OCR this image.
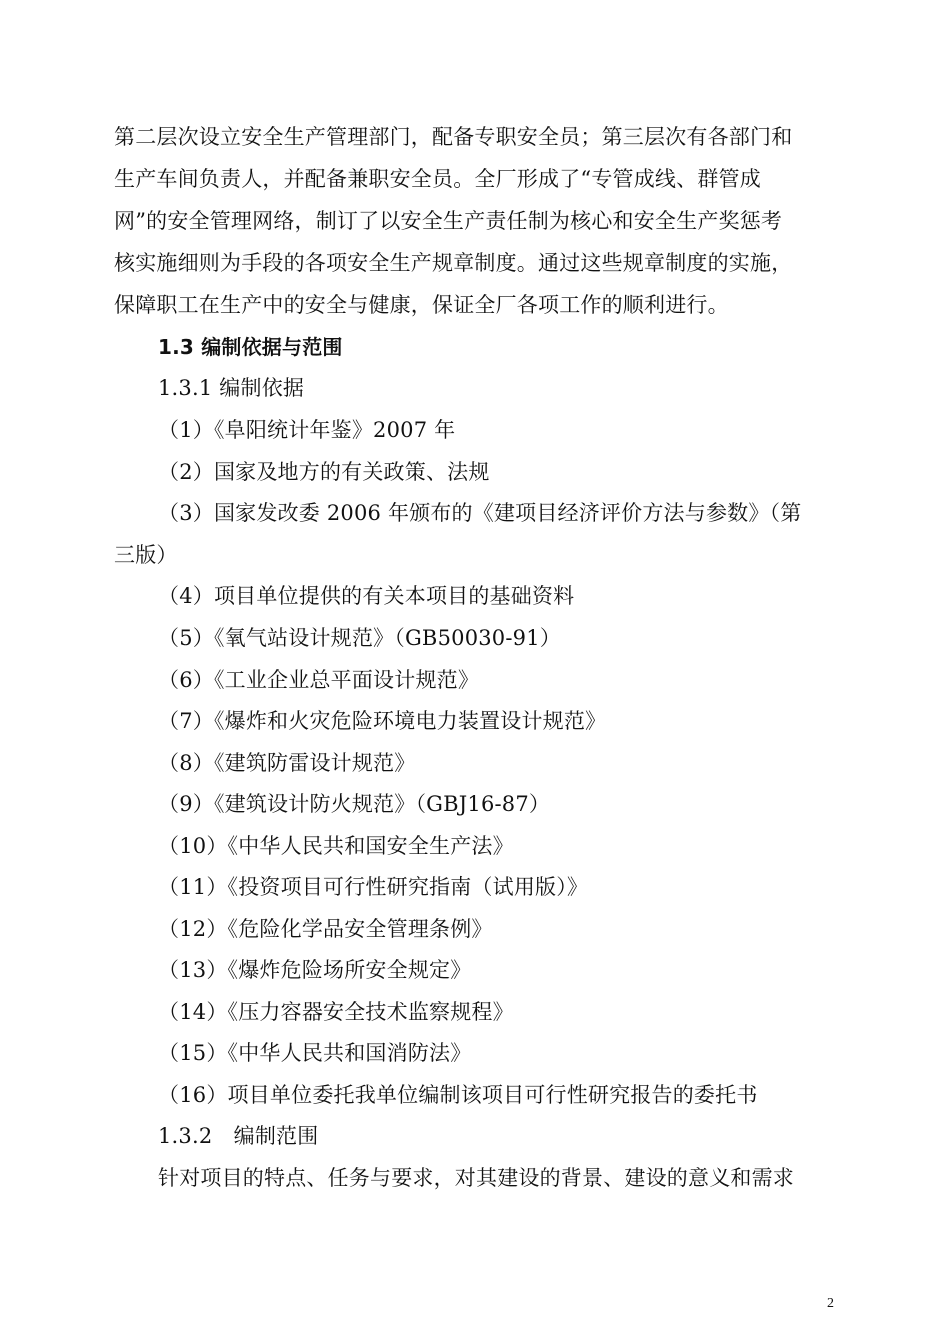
第二层次设立安全生产管理部门，配备专职安全员；第三层次有各部门和
生产车间负责人，并配备兼职安全员。全厂形成了“专管成线、群管成
网”的安全管理网络，制订了以安全生产责任制为核心和安全生产奖惩考
核实施细则为手段的各项安全生产规章制度。通过这些规章制度的实施，
保障职工在生产中的安全与健康，保证全厂各项工作的顺利进行。
1.3 编制依据与范围
1.3.1 编制依据
（1）《阜阳统计年鉴》2007 年
（2）国家及地方的有关政策、法规
（3）国家发改委 2006 年颁布的《建项目经济评价方法与参数》（第
三版）
（4）项目单位提供的有关本项目的基础资料
（5）《氧气站设计规范》（GB50030-91）
（6）《工业企业总平面设计规范》
（7）《爆炸和火灾危险环境电力装置设计规范》
（8）《建筑防雷设计规范》
（9）《建筑设计防火规范》（GBJ16-87）
（10）《中华人民共和国安全生产法》
（11）《投资项目可行性研究指南（试用版）》
（12）《危险化学品安全管理条例》
（13）《爆炸危险场所安全规定》
（14）《压力容器安全技术监察规程》
（15）《中华人民共和国消防法》
（16）项目单位委托我单位编制该项目可行性研究报告的委托书
1.3.2　编制范围
针对项目的特点、任务与要求，对其建设的背景、建设的意义和需求
2
